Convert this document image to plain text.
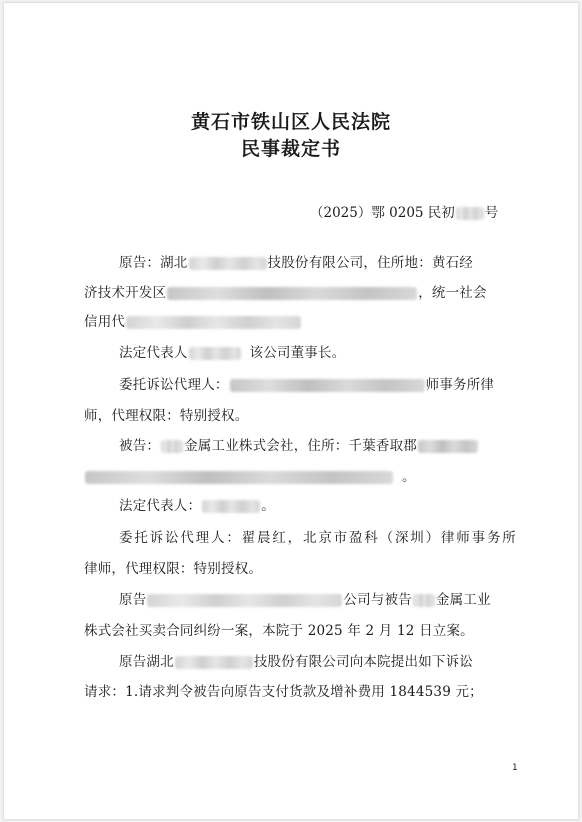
黄石市铁山区人民法院
民事裁定书
（2025）鄂 0205 民初 号
原告：湖北	技股份有限公司，住所地：黄石经
济技术开发区	，统一社会
信用代
法定代表人	该公司董事长。
委托诉讼代理人：	师事务所律
师，代理权限：特别授权。
被告： 金属工业株式会社，住所：千葉香取郡
。
法定代表人：	。
委托诉讼代理人：翟晨红，北京市盈科（深圳）律师事务所
律师，代理权限：特别授权。
原告	公司与被告 金属工业
株式会社买卖合同纠纷一案，本院于 2025 年 2 月 12 日立案。
原告湖北	技股份有限公司向本院提出如下诉讼
请求：1.请求判令被告向原告支付货款及增补费用 1844539 元；
1
